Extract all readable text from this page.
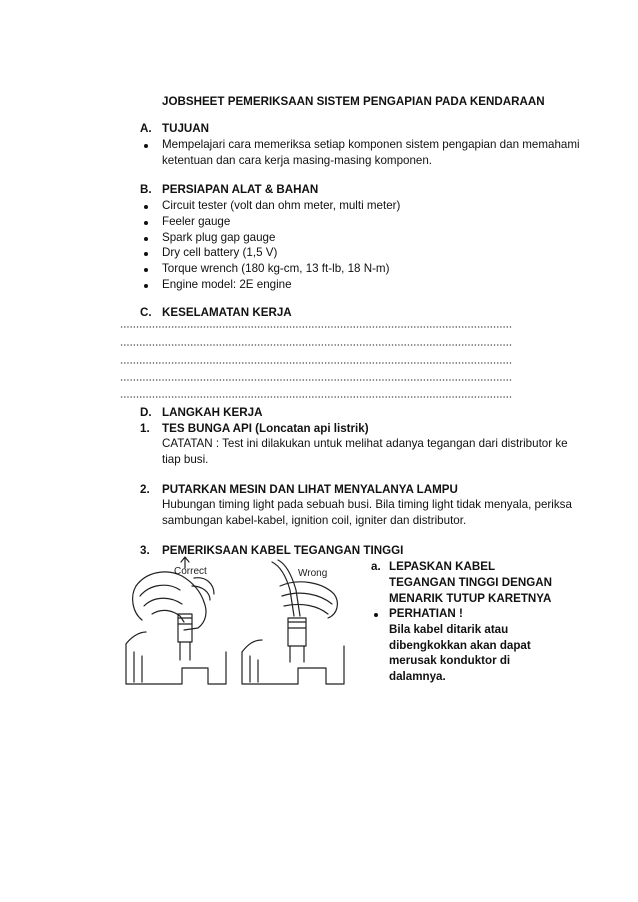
JOBSHEET PEMERIKSAAN SISTEM PENGAPIAN PADA KENDARAAN
A. TUJUAN
Mempelajari cara memeriksa setiap komponen sistem pengapian dan memahami
ketentuan dan cara kerja masing-masing komponen.
B. PERSIAPAN ALAT & BAHAN
Circuit tester (volt dan ohm meter, multi meter)
Feeler gauge
Spark plug gap gauge
Dry cell battery (1,5 V)
Torque wrench (180 kg-cm, 13 ft-lb, 18 N-m)
Engine model: 2E engine
C. KESELAMATAN KERJA
D. LANGKAH KERJA
1. TES BUNGA API (Loncatan api listrik)
CATATAN : Test ini dilakukan untuk melihat adanya tegangan dari distributor ke
tiap busi.
2. PUTARKAN MESIN DAN LIHAT MENYALANYA LAMPU
Hubungan timing light pada sebuah busi. Bila timing light tidak menyala, periksa
sambungan kabel-kabel, ignition coil, igniter dan distributor.
3. PEMERIKSAAN KABEL TEGANGAN TINGGI
a. LEPASKAN KABEL
TEGANGAN TINGGI DENGAN
MENARIK TUTUP KARETNYA
PERHATIAN !
Bila kabel ditarik atau
dibengkokkan akan dapat
merusak konduktor di
dalamnya.
Correct	Wrong
